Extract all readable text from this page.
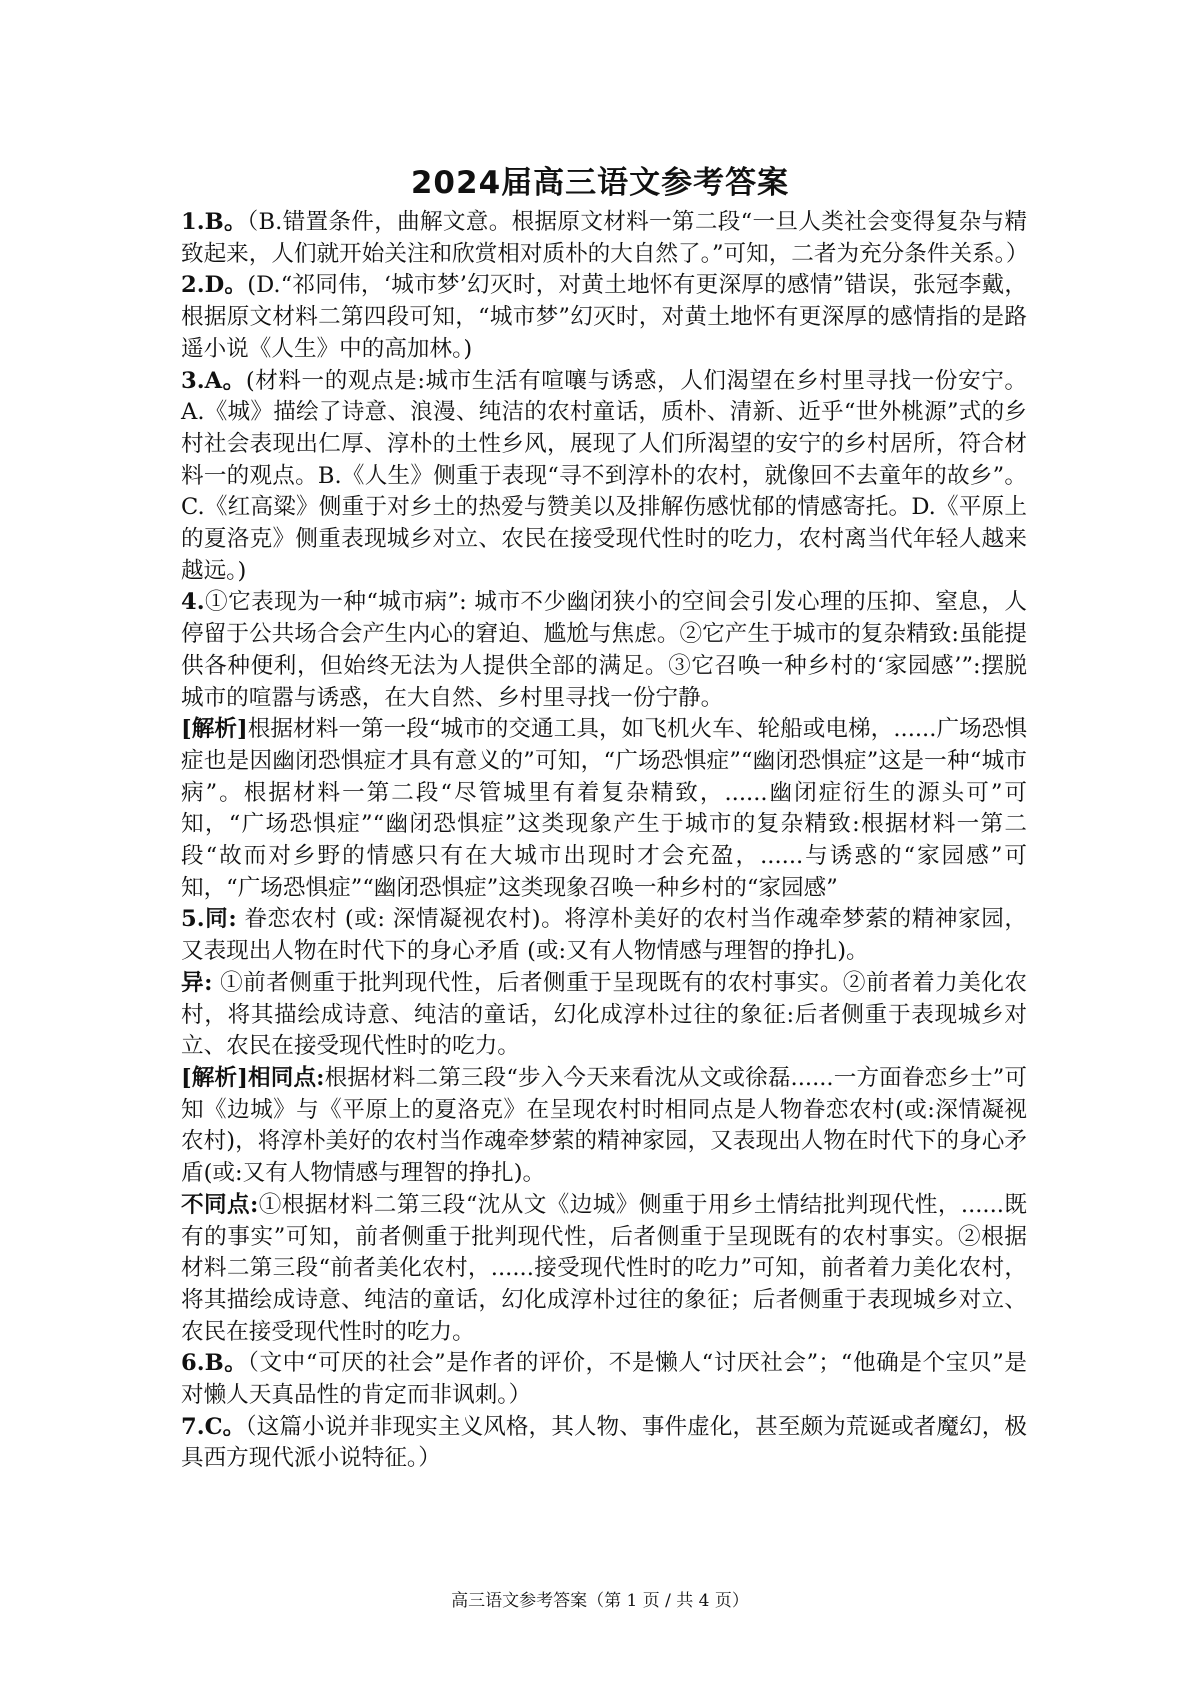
2024届高三语文参考答案

1.B。（B.错置条件，曲解文意。根据原文材料一第二段“一旦人类社会变得复杂与精致起来，人们就开始关注和欣赏相对质朴的大自然了。”可知，二者为充分条件关系。）

2.D。(D.“祁同伟，‘城市梦’幻灭时，对黄土地怀有更深厚的感情”错误，张冠李戴，根据原文材料二第四段可知，“城市梦”幻灭时，对黄土地怀有更深厚的感情指的是路遥小说《人生》中的高加林。)

3.A。(材料一的观点是:城市生活有喧嚷与诱惑，人们渴望在乡村里寻找一份安宁。A.《城》描绘了诗意、浪漫、纯洁的农村童话，质朴、清新、近乎“世外桃源”式的乡村社会表现出仁厚、淳朴的土性乡风，展现了人们所渴望的安宁的乡村居所，符合材料一的观点。B.《人生》侧重于表现“寻不到淳朴的农村，就像回不去童年的故乡”。C.《红高粱》侧重于对乡土的热爱与赞美以及排解伤感忧郁的情感寄托。D.《平原上的夏洛克》侧重表现城乡对立、农民在接受现代性时的吃力，农村离当代年轻人越来越远。)

4.①它表现为一种“城市病”: 城市不少幽闭狭小的空间会引发心理的压抑、窒息，人停留于公共场合会产生内心的窘迫、尴尬与焦虑。②它产生于城市的复杂精致:虽能提供各种便利，但始终无法为人提供全部的满足。③它召唤一种乡村的‘家园感’”:摆脱城市的喧嚣与诱惑，在大自然、乡村里寻找一份宁静。

[解析]根据材料一第一段“城市的交通工具，如飞机火车、轮船或电梯，......广场恐惧症也是因幽闭恐惧症才具有意义的”可知，“广场恐惧症”“幽闭恐惧症”这是一种“城市病”。根据材料一第二段“尽管城里有着复杂精致，......幽闭症衍生的源头可”可知，“广场恐惧症”“幽闭恐惧症”这类现象产生于城市的复杂精致:根据材料一第二段“故而对乡野的情感只有在大城市出现时才会充盈，......与诱惑的“家园感”可知，“广场恐惧症”“幽闭恐惧症”这类现象召唤一种乡村的“家园感”

5.同: 眷恋农村 (或: 深情凝视农村)。将淳朴美好的农村当作魂牵梦萦的精神家园，又表现出人物在时代下的身心矛盾 (或:又有人物情感与理智的挣扎)。

异: ①前者侧重于批判现代性，后者侧重于呈现既有的农村事实。②前者着力美化农村，将其描绘成诗意、纯洁的童话，幻化成淳朴过往的象征:后者侧重于表现城乡对立、农民在接受现代性时的吃力。

[解析]相同点:根据材料二第三段“步入今天来看沈从文或徐磊......一方面眷恋乡士”可知《边城》与《平原上的夏洛克》在呈现农村时相同点是人物眷恋农村(或:深情凝视农村)，将淳朴美好的农村当作魂牵梦萦的精神家园，又表现出人物在时代下的身心矛盾(或:又有人物情感与理智的挣扎)。

不同点:①根据材料二第三段“沈从文《边城》侧重于用乡土情结批判现代性，......既有的事实”可知，前者侧重于批判现代性，后者侧重于呈现既有的农村事实。②根据材料二第三段“前者美化农村，......接受现代性时的吃力”可知，前者着力美化农村，将其描绘成诗意、纯洁的童话，幻化成淳朴过往的象征；后者侧重于表现城乡对立、农民在接受现代性时的吃力。

6.B。（文中“可厌的社会”是作者的评价，不是懒人“讨厌社会”；“他确是个宝贝”是对懒人天真品性的肯定而非讽刺。）

7.C。（这篇小说并非现实主义风格，其人物、事件虚化，甚至颇为荒诞或者魔幻，极具西方现代派小说特征。）

高三语文参考答案（第 1 页 / 共 4 页）
